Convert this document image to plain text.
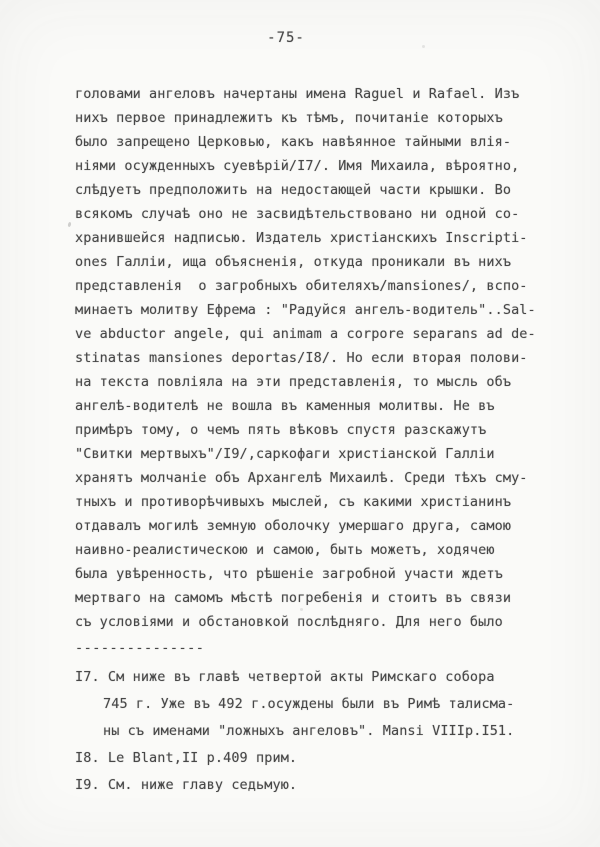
-75-
головами ангеловъ начертаны имена Raguel и Rafael. Изъ
нихъ первое принадлежитъ къ тѣмъ, почитаніе которыхъ
было запрещено Церковью, какъ навѣянное тайными влія-
ніями осужденныхъ суевѣрій/I7/. Имя Михаила, вѣроятно,
слѣдуетъ предположить на недостающей части крышки. Во
всякомъ случаѣ оно не засвидѣтельствовано ни одной со-
хранившейся надписью. Издатель христіанскихъ Inscripti-
ones Галліи, ища объясненія, откуда проникали въ нихъ
представленія  о загробныхъ обителяхъ/mansiones/, вспо-
минаетъ молитву Ефрема : "Радуйся ангелъ-водитель"..Sal-
ve abductor angele, qui animam a corpore separans ad de-
stinatas mansiones deportas/I8/. Но если вторая полови-
на текста повліяла на эти представленія, то мысль объ
ангелѣ-водителѣ не вошла въ каменныя молитвы. Не въ
примѣръ тому, о чемъ пять вѣковъ спустя разскажутъ
"Свитки мертвыхъ"/I9/,саркофаги христіанской Галліи
хранятъ молчаніе объ Архангелѣ Михаилѣ. Среди тѣхъ сму-
тныхъ и противорѣчивыхъ мыслей, съ какими христіанинъ
отдавалъ могилѣ земную оболочку умершаго друга, самою
наивно-реалистическою и самою, быть можетъ, ходячею
была увѣренность, что рѣшеніе загробной участи ждетъ
мертваго на самомъ мѣстѣ погребенія и стоитъ въ связи
съ условіями и обстановкой послѣдняго. Для него было
---------------
I7. См ниже въ главѣ четвертой акты Римскаго собора
745 г. Уже въ 492 г.осуждены были въ Римѣ талисма-
ны съ именами "ложныхъ ангеловъ". Mansi VIIIp.I51.
I8. Le Blant,II p.409 прим.
I9. См. ниже главу седьмую.
